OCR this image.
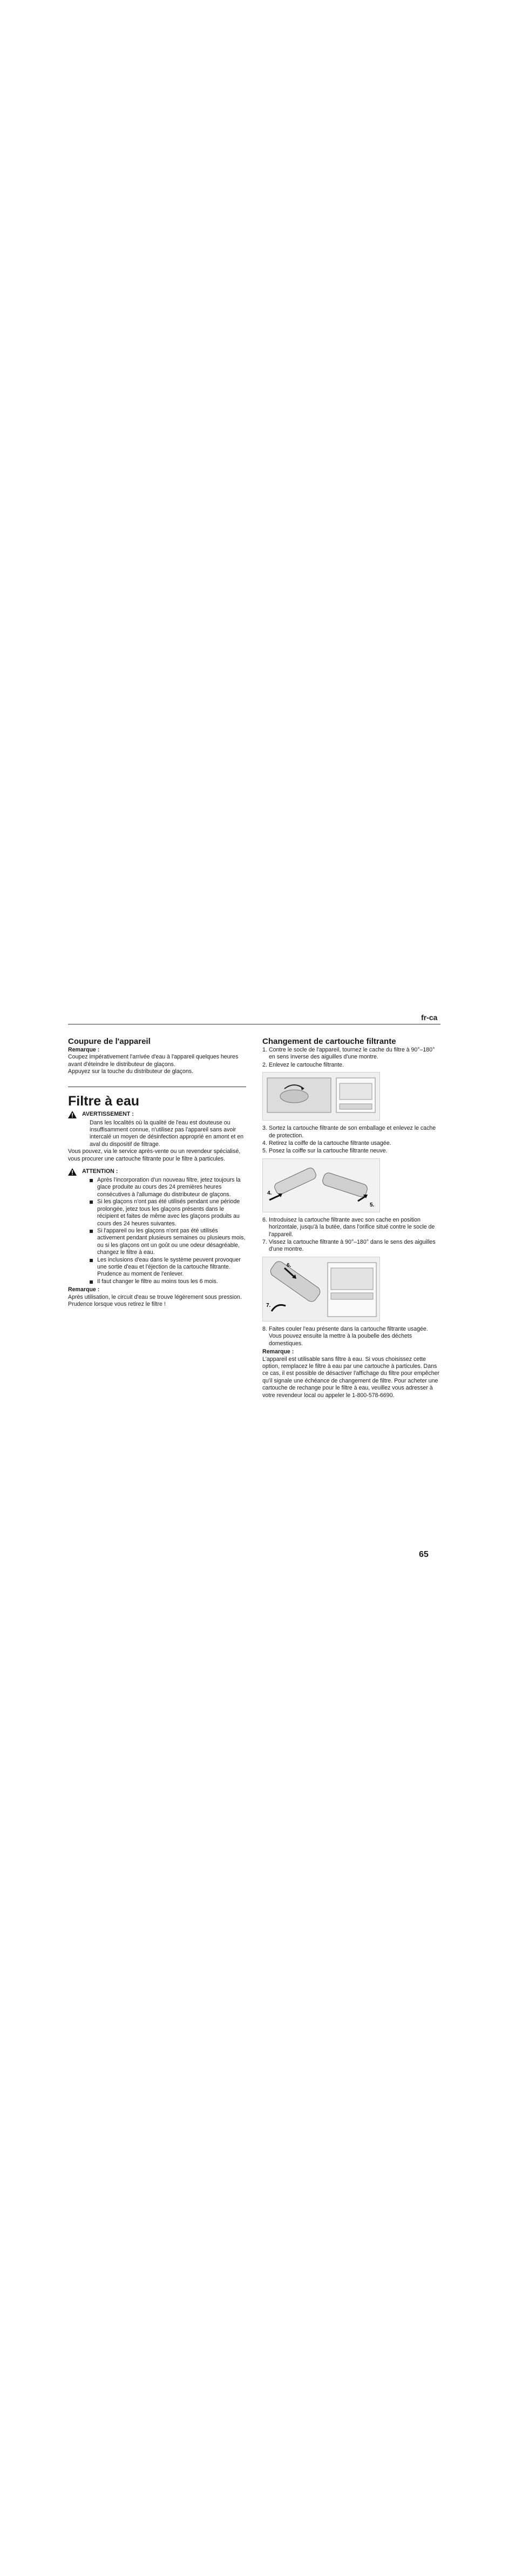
fr-ca

Coupure de l'appareil

Remarque :

Coupez impérativement l'arrivée d'eau à l'appareil quelques heures avant d'éteindre le distributeur de glaçons.

Appuyez sur la touche du distributeur de glaçons.

Filtre à eau

AVERTISSEMENT :

Dans les localités où la qualité de l'eau est douteuse ou insuffisamment connue, n'utilisez pas l'appareil sans avoir intercalé un moyen de désinfection approprié en amont et en aval du dispositif de filtrage.

Vous pouvez, via le service après-vente ou un revendeur spécialisé, vous procurer une cartouche filtrante pour le filtre à particules.

ATTENTION :
Après l'incorporation d'un nouveau filtre, jetez toujours la glace produite au cours des 24 premières heures consécutives à l'allumage du distributeur de glaçons.
Si les glaçons n'ont pas été utilisés pendant une période prolongée, jetez tous les glaçons présents dans le récipient et faites de même avec les glaçons produits au cours des 24 heures suivantes.
Si l'appareil ou les glaçons n'ont pas été utilisés activement pendant plusieurs semaines ou plusieurs mois, ou si les glaçons ont un goût ou une odeur désagréable, changez le filtre à eau.
Les inclusions d'eau dans le système peuvent provoquer une sortie d'eau et l'éjection de la cartouche filtrante. Prudence au moment de l'enlever.
Il faut changer le filtre au moins tous les 6 mois.

Remarque :

Après utilisation, le circuit d'eau se trouve légèrement sous pression. Prudence lorsque vous retirez le filtre !

Changement de cartouche filtrante

1. Contre le socle de l'appareil, tournez le cache du filtre à 90°–180° en sens inverse des aiguilles d'une montre.
2. Enlevez le cartouche filtrante.
3. Sortez la cartouche filtrante de son emballage et enlevez le cache de protection.
4. Retirez la coiffe de la cartouche filtrante usagée.
5. Posez la coiffe sur la cartouche filtrante neuve.
4.
5.
6. Introduisez la cartouche filtrante avec son cache en position horizontale, jusqu'à la butée, dans l'orifice situé contre le socle de l'appareil.
7. Vissez la cartouche filtrante à 90°–180° dans le sens des aiguilles d'une montre.
6.
7.
8. Faites couler l'eau présente dans la cartouche filtrante usagée. Vous pouvez ensuite la mettre à la poubelle des déchets domestiques.

Remarque :

L'appareil est utilisable sans filtre à eau. Si vous choisissez cette option, remplacez le filtre à eau par une cartouche à particules. Dans ce cas, il est possible de désactiver l'affichage du filtre pour empêcher qu'il signale une échéance de changement de filtre. Pour acheter une cartouche de rechange pour le filtre à eau, veuillez vous adresser à votre revendeur local ou appeler le 1-800-578-6690.

65
